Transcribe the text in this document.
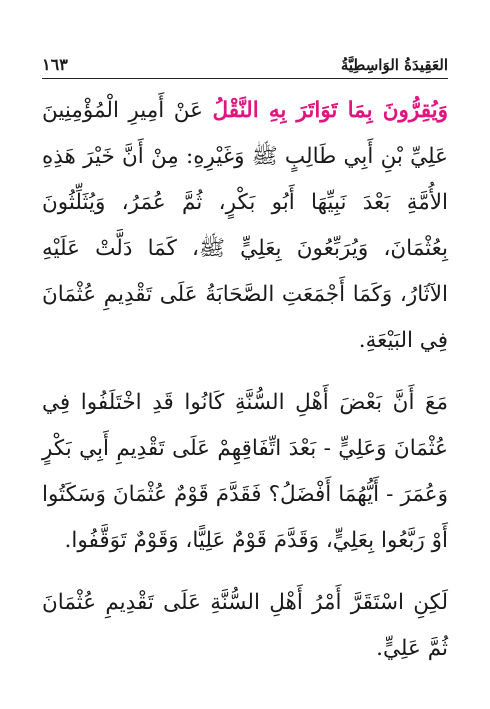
العَقِيدَةُ الوَاسِطِيَّةُ
١٦٣

وَيُقِرُّونَ بِمَا تَوَاتَرَ بِهِ النَّقْلُ عَنْ أَمِيرِ الْمُؤْمِنِينَ عَلِيِّ بْنِ أَبِي طَالِبٍ ﷺ وَغَيْرِهِ: مِنْ أَنَّ خَيْرَ هَذِهِ الأُمَّةِ بَعْدَ نَبِيِّهَا أَبُو بَكْرٍ، ثُمَّ عُمَرُ، وَيُثَلِّثُونَ بِعُثْمَانَ، وَيُرَبِّعُونَ بِعَلِيٍّ ﷺ، كَمَا دَلَّتْ عَلَيْهِ الآثَارُ، وَكَمَا أَجْمَعَتِ الصَّحَابَةُ عَلَى تَقْدِيمِ عُثْمَانَ فِي البَيْعَةِ.

مَعَ أَنَّ بَعْضَ أَهْلِ السُّنَّةِ كَانُوا قَدِ اخْتَلَفُوا فِي عُثْمَانَ وَعَلِيٍّ - بَعْدَ اتِّفَاقِهِمْ عَلَى تَقْدِيمِ أَبِي بَكْرٍ وَعُمَرَ - أَيُّهُمَا أَفْضَلُ؟ فَقَدَّمَ قَوْمٌ عُثْمَانَ وَسَكَتُوا أَوْ رَبَّعُوا بِعَلِيٍّ، وَقَدَّمَ قَوْمٌ عَلِيًّا، وَقَوْمٌ تَوَقَّفُوا.

لَكِنِ اسْتَقَرَّ أَمْرُ أَهْلِ السُّنَّةِ عَلَى تَقْدِيمِ عُثْمَانَ ثُمَّ عَلِيٍّ.
